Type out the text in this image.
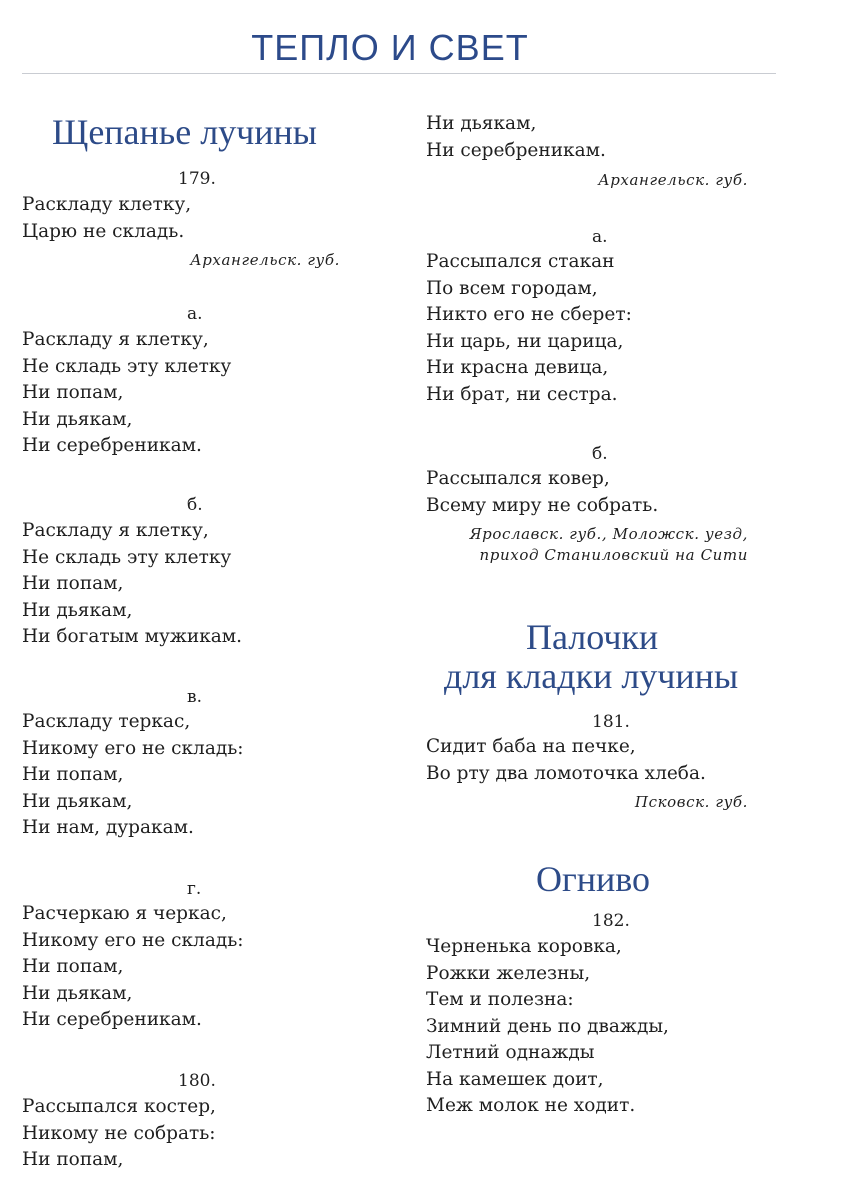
ТЕПЛО И СВЕТ
Щепанье лучины
179.
Раскладу клетку,
Царю не складь.
Архангельск. губ.
а.
Раскладу я клетку,
Не складь эту клетку
Ни попам,
Ни дьякам,
Ни серебреникам.
б.
Раскладу я клетку,
Не складь эту клетку
Ни попам,
Ни дьякам,
Ни богатым мужикам.
в.
Раскладу теркас,
Никому его не складь:
Ни попам,
Ни дьякам,
Ни нам, дуракам.
г.
Расчеркаю я черкас,
Никому его не складь:
Ни попам,
Ни дьякам,
Ни серебреникам.
180.
Рассыпался костер,
Никому не собрать:
Ни попам,
Ни дьякам,
Ни серебреникам.
Архангельск. губ.
а.
Рассыпался стакан
По всем городам,
Никто его не сберет:
Ни царь, ни царица,
Ни красна девица,
Ни брат, ни сестра.
б.
Рассыпался ковер,
Всему миру не собрать.
Ярославск. губ., Моложск. уезд,
приход Станиловский на Сити
Палочки
для кладки лучины
181.
Сидит баба на печке,
Во рту два ломоточка хлеба.
Псковск. губ.
Огниво
182.
Черненька коровка,
Рожки железны,
Тем и полезна:
Зимний день по дважды,
Летний однажды
На камешек доит,
Меж молок не ходит.
